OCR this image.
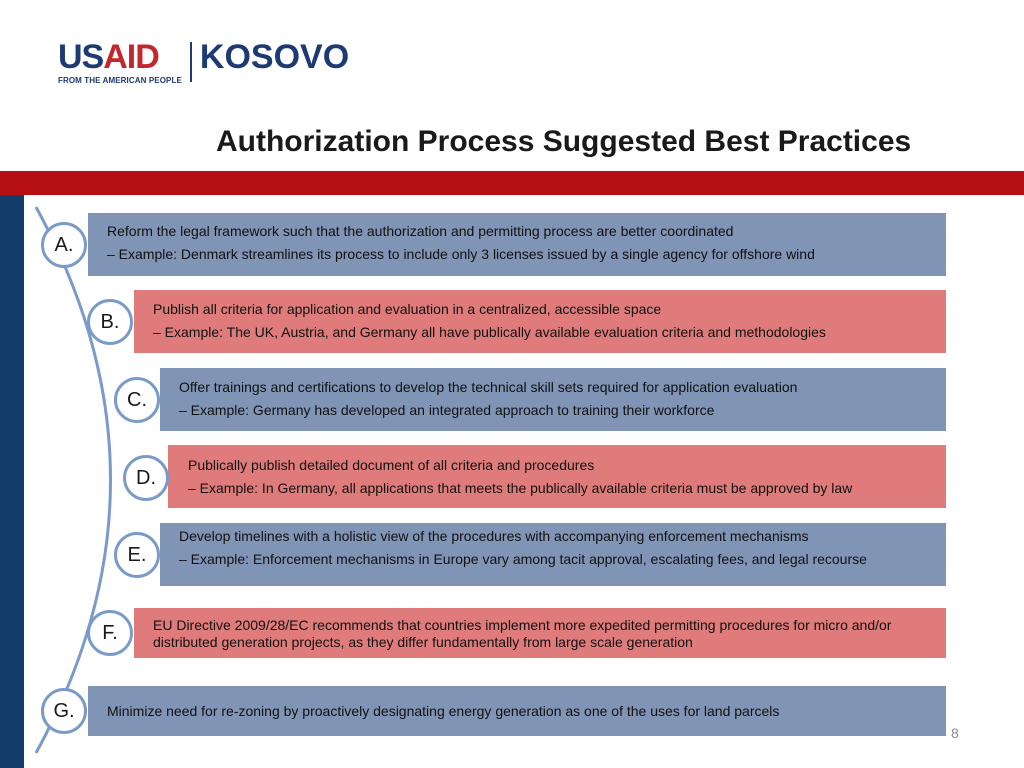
USAID
FROM THE AMERICAN PEOPLE
KOSOVO
Authorization Process Suggested Best Practices

Reform the legal framework such that the authorization and permitting process are better coordinated

– Example: Denmark streamlines its process to include only 3 licenses issued by a single agency for offshore wind

A.

Publish all criteria for application and evaluation in a centralized, accessible space

– Example: The UK, Austria, and Germany all have publically available evaluation criteria and methodologies

B.

Offer trainings and certifications to develop the technical skill sets required for application evaluation

– Example: Germany has developed an integrated approach to training their workforce

C.

Publically publish detailed document of all criteria and procedures

– Example: In Germany, all applications that meets the publically available criteria must be approved by law

D.

Develop timelines with a holistic view of the procedures with accompanying enforcement mechanisms

– Example: Enforcement mechanisms in Europe vary among tacit approval, escalating fees, and legal recourse

E.

EU Directive 2009/28/EC recommends that countries implement more expedited permitting procedures for micro and/or distributed generation projects, as they differ fundamentally from large scale generation

F.

Minimize need for re-zoning by proactively designating energy generation as one of the uses for land parcels

G.
8
